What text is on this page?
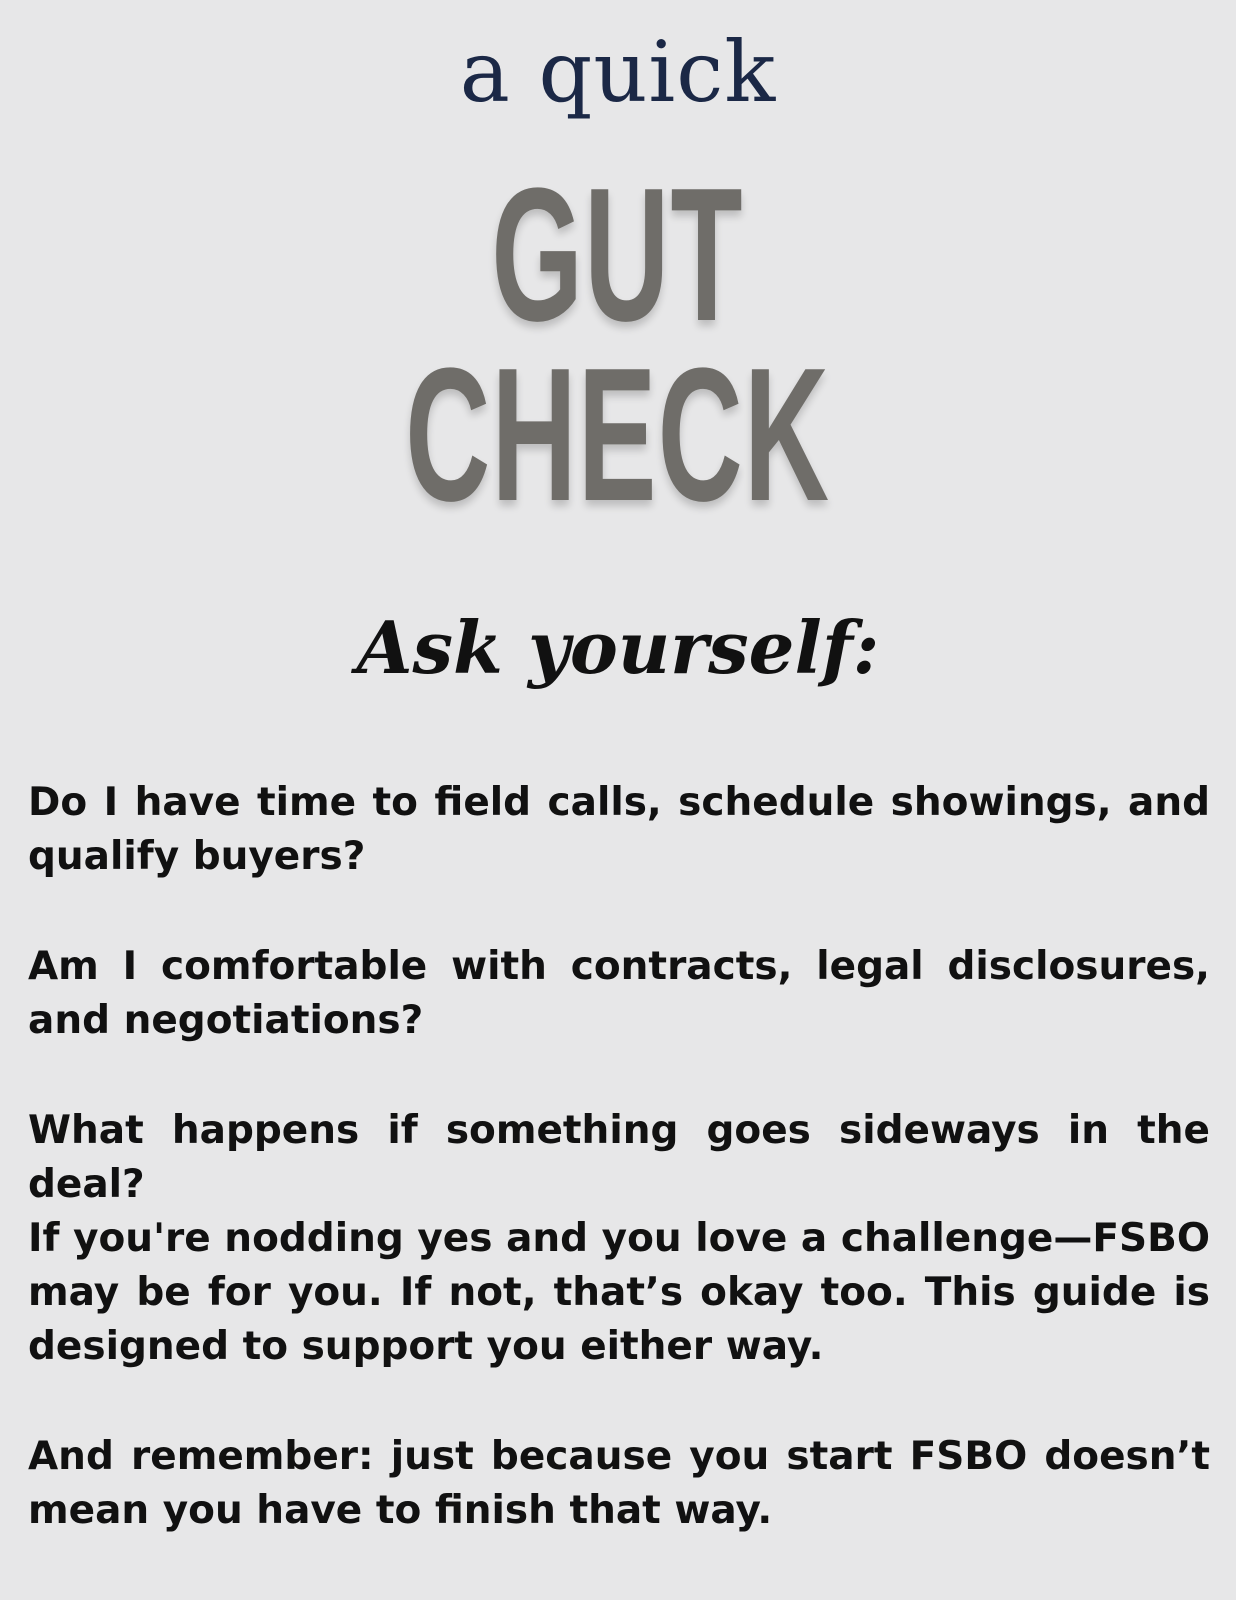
a quick
GUT
CHECK
Ask yourself:
Do I have time to field calls, schedule showings, and qualify buyers?
Am I comfortable with contracts, legal disclosures, and negotiations?
What happens if something goes sideways in the deal?
If you're nodding yes and you love a challenge—FSBO may be for you. If not, that’s okay too. This guide is designed to support you either way.
And remember: just because you start FSBO doesn’t mean you have to finish that way.
